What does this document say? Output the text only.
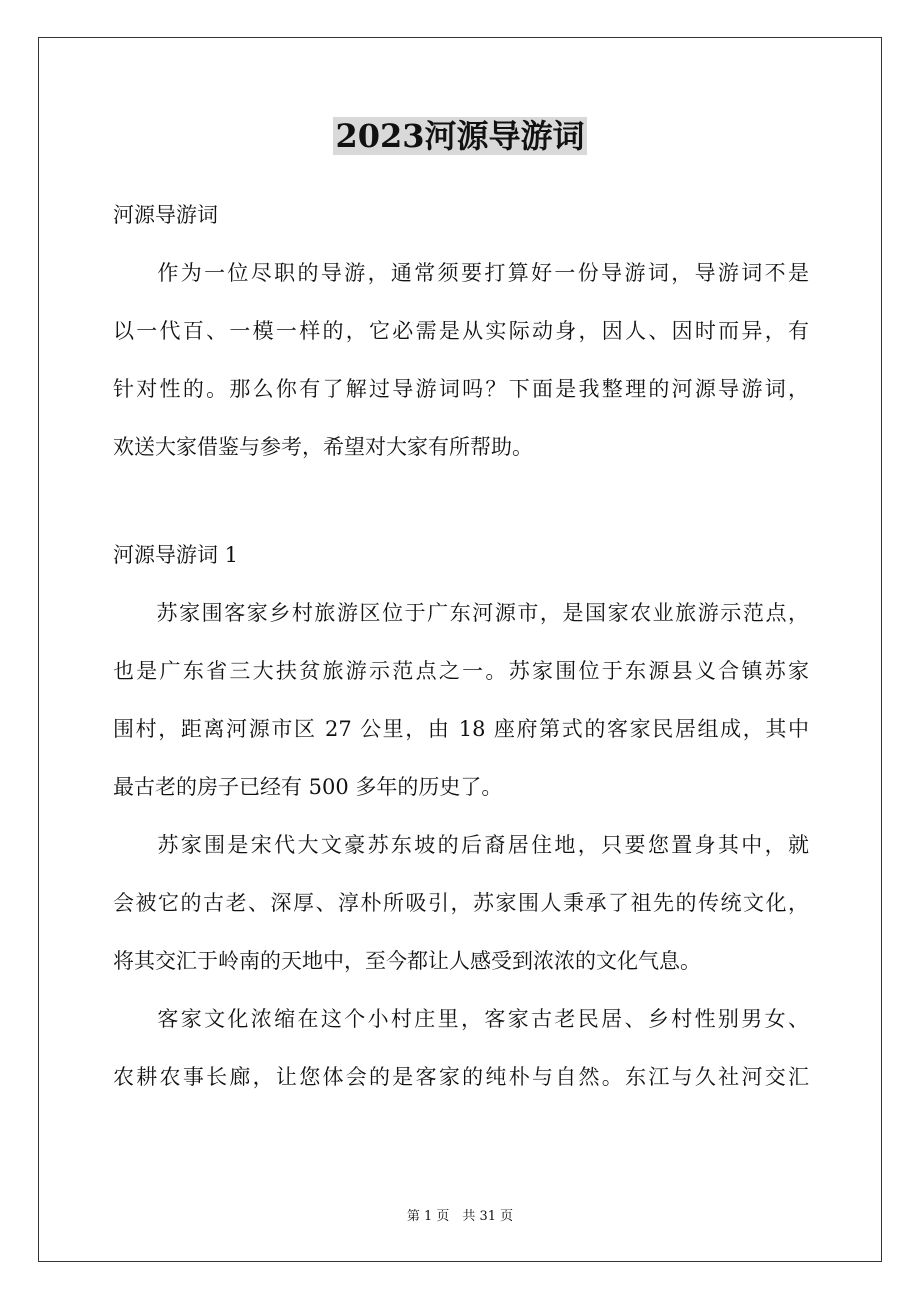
2023河源导游词
河源导游词
作为一位尽职的导游，通常须要打算好一份导游词，导游词不是
以一代百、一模一样的，它必需是从实际动身，因人、因时而异，有
针对性的。那么你有了解过导游词吗？下面是我整理的河源导游词，
欢送大家借鉴与参考，希望对大家有所帮助。
河源导游词 1
苏家围客家乡村旅游区位于广东河源市，是国家农业旅游示范点，
也是广东省三大扶贫旅游示范点之一。苏家围位于东源县义合镇苏家
围村，距离河源市区 27 公里，由 18 座府第式的客家民居组成，其中
最古老的房子已经有 500 多年的历史了。
苏家围是宋代大文豪苏东坡的后裔居住地，只要您置身其中，就
会被它的古老、深厚、淳朴所吸引，苏家围人秉承了祖先的传统文化，
将其交汇于岭南的天地中，至今都让人感受到浓浓的文化气息。
客家文化浓缩在这个小村庄里，客家古老民居、乡村性别男女、
农耕农事长廊，让您体会的是客家的纯朴与自然。东江与久社河交汇
第 1 页　共 31 页
